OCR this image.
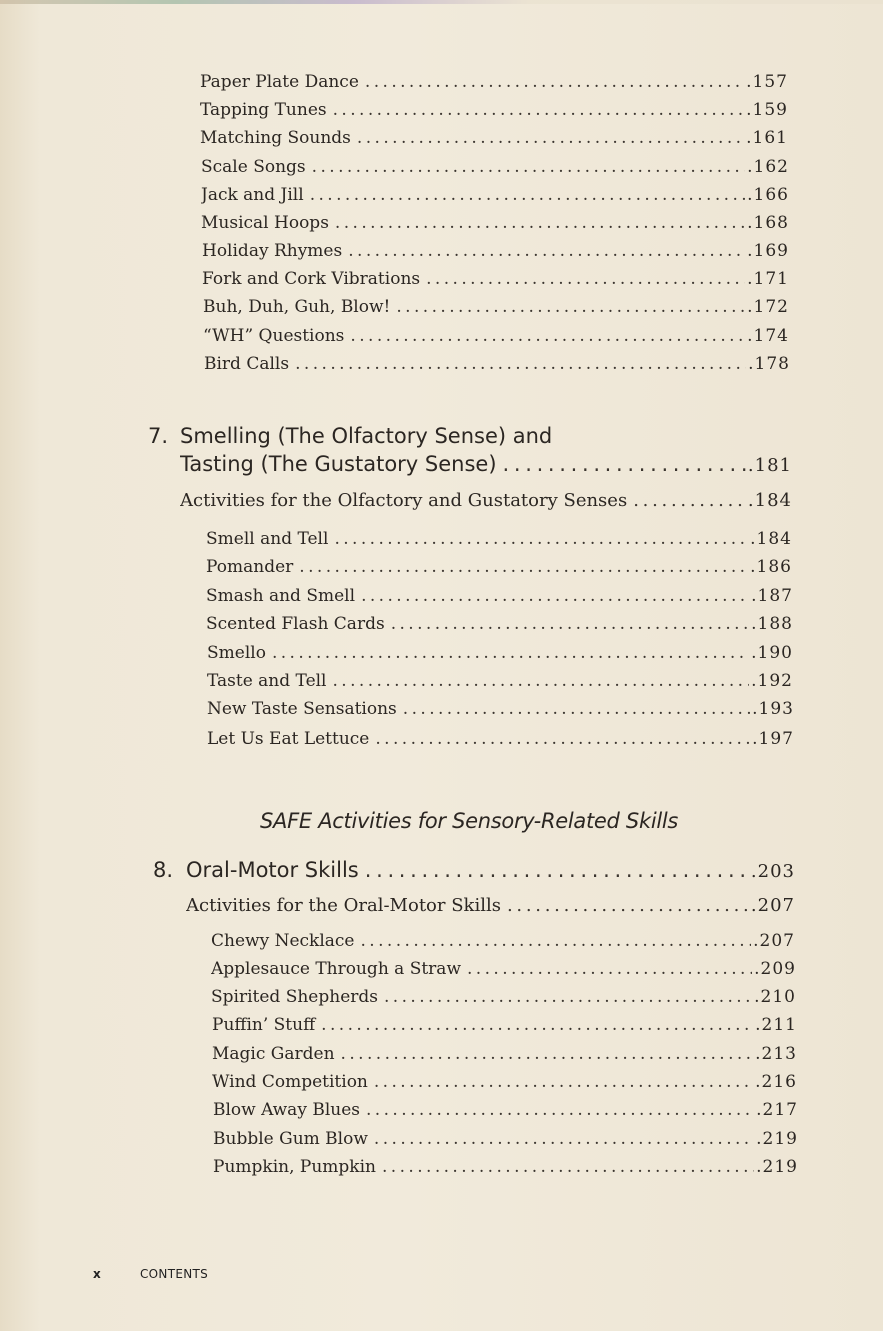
Paper Plate Dance . . .	.157
Tapping Tunes . . .	.159
Matching Sounds . . .	.161
Scale Songs . . .	.162
Jack and Jill . . .	.166
Musical Hoops . . .	.168
Holiday Rhymes . . .	.169
Fork and Cork Vibrations . . .	.171
Buh, Duh, Guh, Blow! . . .	.172
“WH” Questions . . .	.174
Bird Calls . . .	.178
7. Smelling (The Olfactory Sense) and
Tasting (The Gustatory Sense) . . .	.181
Activities for the Olfactory and Gustatory Senses . . .	.184
Smell and Tell . . .	.184
Pomander . . .	.186
Smash and Smell . . .	.187
Scented Flash Cards . . .	.188
Smello . . .	.190
Taste and Tell . . .	.192
New Taste Sensations . . .	.193
Let Us Eat Lettuce . . .	.197
SAFE Activities for Sensory-Related Skills
8. Oral-Motor Skills . . .	.203
Activities for the Oral-Motor Skills . . .	.207
Chewy Necklace . . .	.207
Applesauce Through a Straw . . .	.209
Spirited Shepherds . . .	.210
Puffin’ Stuff . . .	.211
Magic Garden . . .	.213
Wind Competition . . .	.216
Blow Away Blues . . .	.217
Bubble Gum Blow . . .	.219
Pumpkin, Pumpkin . . .	.219
x	CONTENTS
